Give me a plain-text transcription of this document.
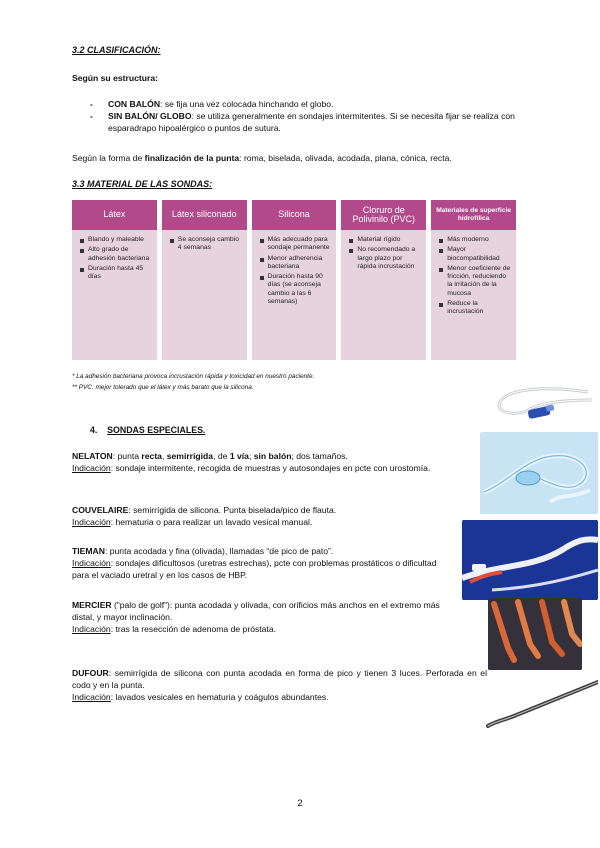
3.2 CLASIFICACIÓN:
Según su estructura:
- CON BALÓN: se fija una vez colocada hinchando el globo.
- SIN BALÓN/ GLOBO: se utiliza generalmente en sondajes intermitentes. Si se necesita fijar se realiza con esparadrapo hipoalérgico o puntos de sutura.
Según la forma de finalización de la punta: roma, biselada, olivada, acodada, plana, cónica, recta.
3.3 MATERIAL DE LAS SONDAS:
Látex
Blando y maleable
Alto grado de adhesión bacteriana
Duración hasta 45 días
Látex siliconado
Se aconseja cambio 4 semanas
Silicona
Más adecuado para sondaje permanente
Menor adherencia bacteriana
Duración hasta 90 días (se aconseja cambio a las 6 semanas)
Cloruro de Polivinilo (PVC)
Material rígido
No recomendado a largo plazo por rápida incrustación
Materiales de superficie hidrofílica
Más moderno
Mayor biocompatibilidad
Menor coeficiente de fricción, reduciendo la irritación de la mucosa
Reduce la incrustación
* La adhesión bacteriana provoca incrustación rápida y toxicidad en nuestro paciente.
** PVC: mejor tolerado que el látex y más barato que la silicona.
4. SONDAS ESPECIALES.
NELATON: punta recta, semirrígida, de 1 vía; sin balón; dos tamaños.
Indicación: sondaje intermitente, recogida de muestras y autosondajes en pcte con urostomía.
COUVELAIRE: semirrígida de silicona. Punta biselada/pico de flauta.
Indicación: hematuria o para realizar un lavado vesical manual.
TIEMAN: punta acodada y fina (olivada), llamadas “de pico de pato”.
Indicación: sondajes dificultosos (uretras estrechas), pcte con problemas prostáticos o dificultad para el vaciado uretral y en los casos de HBP.
MERCIER (“palo de golf”): punta acodada y olivada, con orificios más anchos en el extremo más distal, y mayor inclinación.
Indicación: tras la resección de adenoma de próstata.
DUFOUR: semirrígida de silicona con punta acodada en forma de pico y tienen 3 luces. Perforada en el codo y en la punta.
Indicación: lavados vesicales en hematuria y coágulos abundantes.
2
